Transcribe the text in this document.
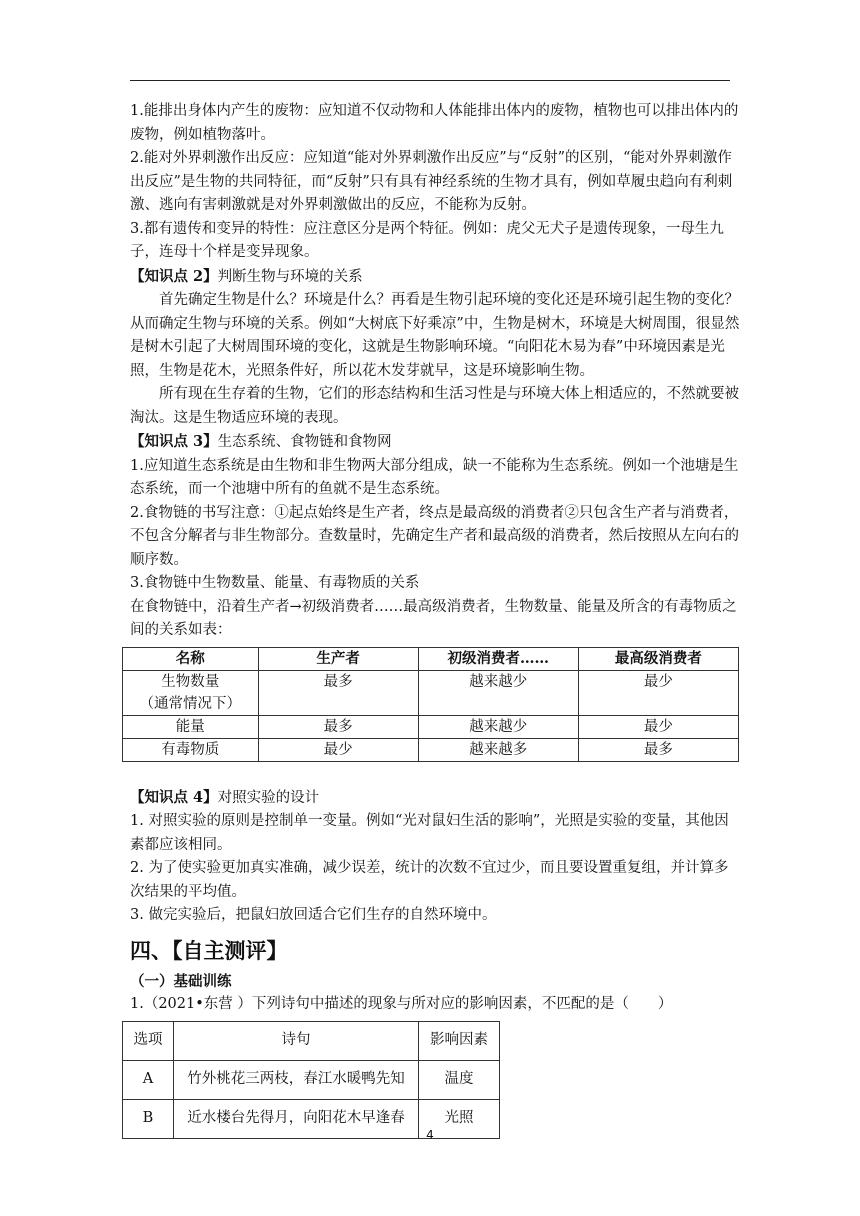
1.能排出身体内产生的废物：应知道不仅动物和人体能排出体内的废物，植物也可以排出体内的废物，例如植物落叶。

2.能对外界刺激作出反应：应知道“能对外界刺激作出反应”与“反射”的区别，“能对外界刺激作出反应”是生物的共同特征，而“反射”只有具有神经系统的生物才具有，例如草履虫趋向有利刺激、逃向有害刺激就是对外界刺激做出的反应，不能称为反射。

3.都有遗传和变异的特性：应注意区分是两个特征。例如：虎父无犬子是遗传现象，一母生九子，连母十个样是变异现象。

【知识点 2】判断生物与环境的关系

首先确定生物是什么？环境是什么？再看是生物引起环境的变化还是环境引起生物的变化？从而确定生物与环境的关系。例如“大树底下好乘凉”中，生物是树木，环境是大树周围，很显然是树木引起了大树周围环境的变化，这就是生物影响环境。“向阳花木易为春”中环境因素是光照，生物是花木，光照条件好，所以花木发芽就早，这是环境影响生物。

所有现在生存着的生物，它们的形态结构和生活习性是与环境大体上相适应的，不然就要被淘汰。这是生物适应环境的表现。

【知识点 3】生态系统、食物链和食物网

1.应知道生态系统是由生物和非生物两大部分组成，缺一不能称为生态系统。例如一个池塘是生态系统，而一个池塘中所有的鱼就不是生态系统。

2.食物链的书写注意：①起点始终是生产者，终点是最高级的消费者②只包含生产者与消费者，不包含分解者与非生物部分。查数量时，先确定生产者和最高级的消费者，然后按照从左向右的顺序数。

3.食物链中生物数量、能量、有毒物质的关系

在食物链中，沿着生产者→初级消费者……最高级消费者，生物数量、能量及所含的有毒物质之间的关系如表：

名称	生产者	初级消费者……	最高级消费者

生物数量
（通常情况下）	最多	越来越少	最少
能量	最多	越来越少	最少
有毒物质	最少	越来越多	最多

【知识点 4】对照实验的设计

1. 对照实验的原则是控制单一变量。例如“光对鼠妇生活的影响”，光照是实验的变量，其他因素都应该相同。

2. 为了使实验更加真实准确，减少误差，统计的次数不宜过少，而且要设置重复组，并计算多次结果的平均值。

3. 做完实验后，把鼠妇放回适合它们生存的自然环境中。

四、【自主测评】
（一）基础训练

1.（2021•东营 ）下列诗句中描述的现象与所对应的影响因素，不匹配的是（　　）

选项	诗句	影响因素
A	竹外桃花三两枝，春江水暖鸭先知	温度
B	近水楼台先得月，向阳花木早逢春	光照
4
